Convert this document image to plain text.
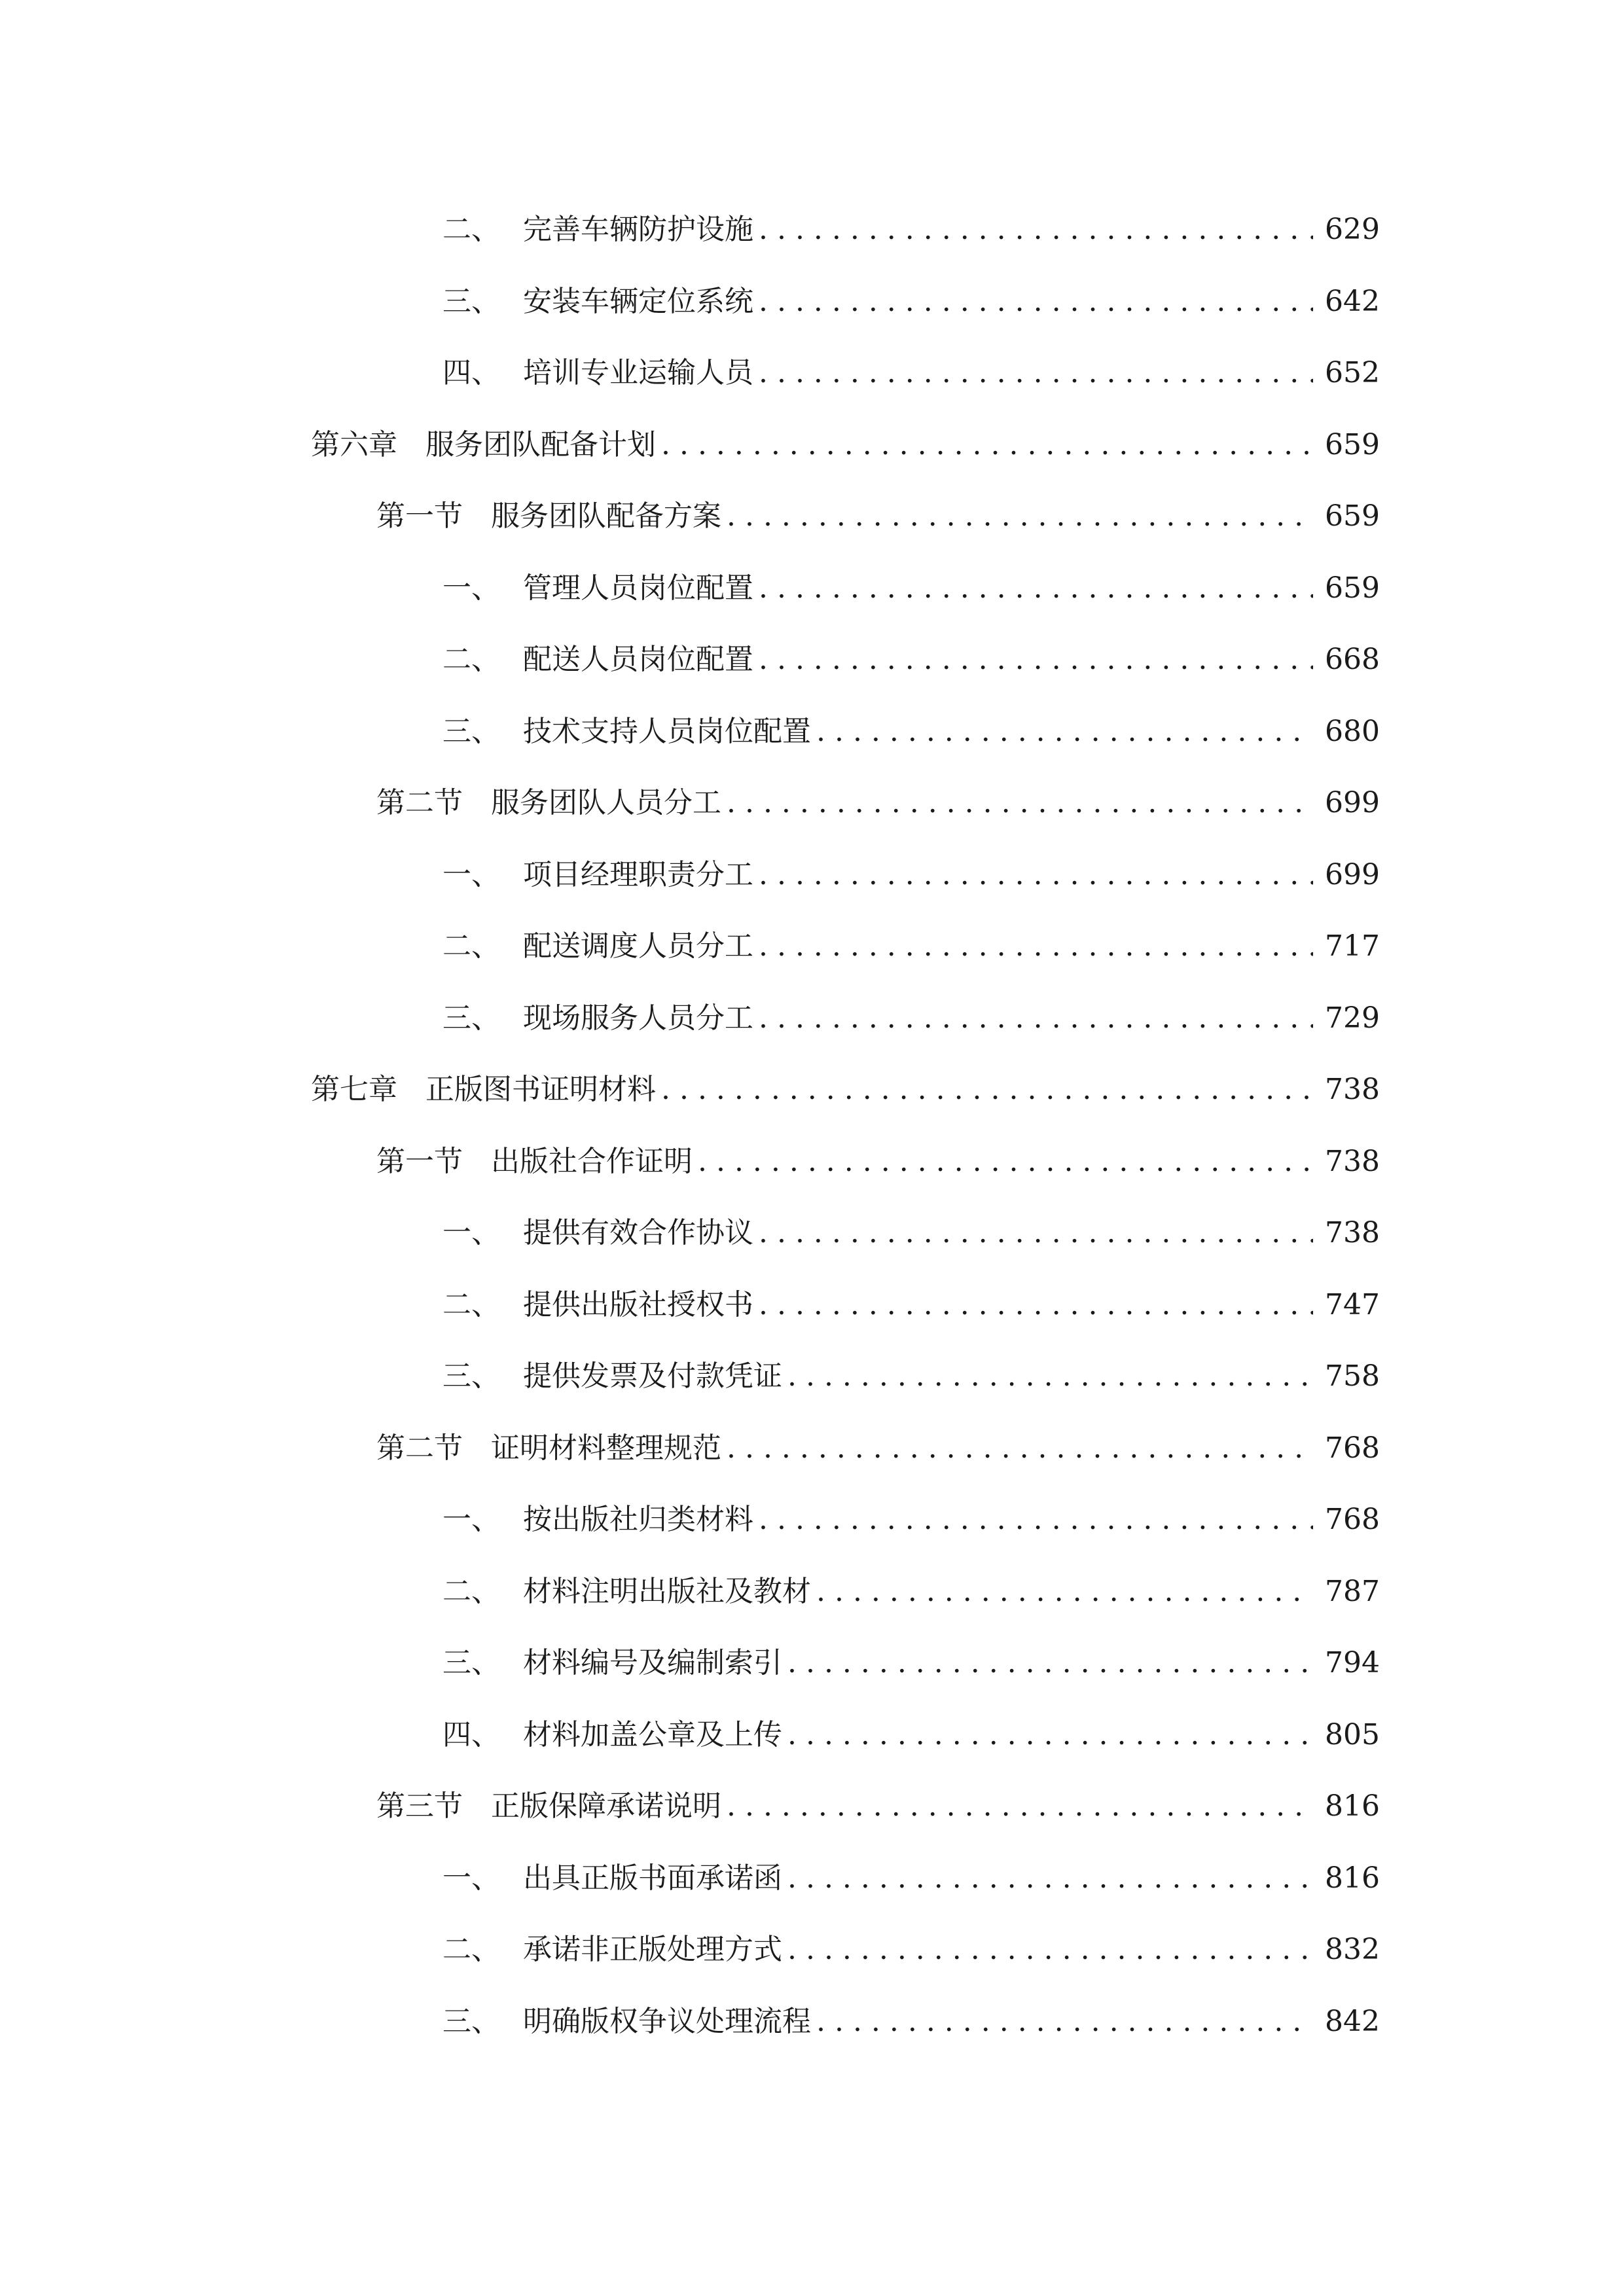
二、 完善车辆防护设施 . . .	629
三、 安装车辆定位系统 . . .	642
四、 培训专业运输人员 . . .	652
第六章 服务团队配备计划 . . .	659
第一节 服务团队配备方案 . . .	659
一、 管理人员岗位配置 . . .	659
二、 配送人员岗位配置 . . .	668
三、 技术支持人员岗位配置 . . .	680
第二节 服务团队人员分工 . . .	699
一、 项目经理职责分工 . . .	699
二、 配送调度人员分工 . . .	717
三、 现场服务人员分工 . . .	729
第七章 正版图书证明材料 . . .	738
第一节 出版社合作证明 . . .	738
一、 提供有效合作协议 . . .	738
二、 提供出版社授权书 . . .	747
三、 提供发票及付款凭证 . . .	758
第二节 证明材料整理规范 . . .	768
一、 按出版社归类材料 . . .	768
二、 材料注明出版社及教材 . . .	787
三、 材料编号及编制索引 . . .	794
四、 材料加盖公章及上传 . . .	805
第三节 正版保障承诺说明 . . .	816
一、 出具正版书面承诺函 . . .	816
二、 承诺非正版处理方式 . . .	832
三、 明确版权争议处理流程 . . .	842
